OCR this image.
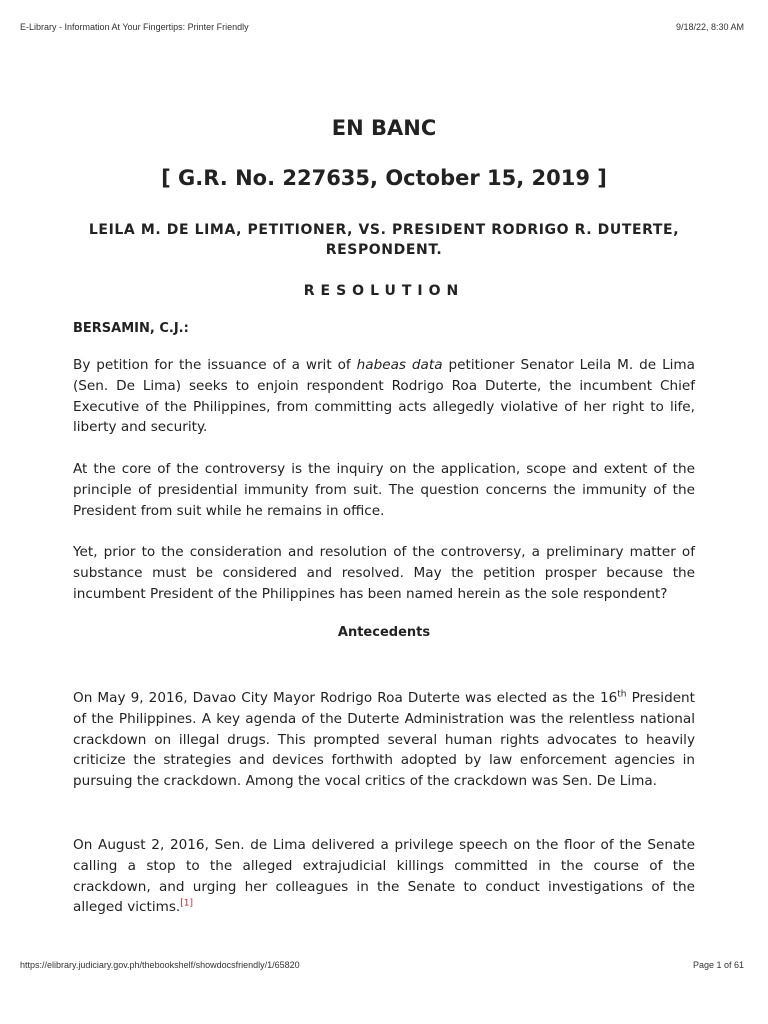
E-Library - Information At Your Fingertips: Printer Friendly	9/18/22, 8:30 AM
EN BANC
[ G.R. No. 227635, October 15, 2019 ]
LEILA M. DE LIMA, PETITIONER, VS. PRESIDENT RODRIGO R. DUTERTE, RESPONDENT.
RESOLUTION
BERSAMIN, C.J.:
By petition for the issuance of a writ of habeas data petitioner Senator Leila M. de Lima (Sen. De Lima) seeks to enjoin respondent Rodrigo Roa Duterte, the incumbent Chief Executive of the Philippines, from committing acts allegedly violative of her right to life, liberty and security.
At the core of the controversy is the inquiry on the application, scope and extent of the principle of presidential immunity from suit. The question concerns the immunity of the President from suit while he remains in office.
Yet, prior to the consideration and resolution of the controversy, a preliminary matter of substance must be considered and resolved. May the petition prosper because the incumbent President of the Philippines has been named herein as the sole respondent?
Antecedents
On May 9, 2016, Davao City Mayor Rodrigo Roa Duterte was elected as the 16th President of the Philippines. A key agenda of the Duterte Administration was the relentless national crackdown on illegal drugs. This prompted several human rights advocates to heavily criticize the strategies and devices forthwith adopted by law enforcement agencies in pursuing the crackdown. Among the vocal critics of the crackdown was Sen. De Lima.
On August 2, 2016, Sen. de Lima delivered a privilege speech on the floor of the Senate calling a stop to the alleged extrajudicial killings committed in the course of the crackdown, and urging her colleagues in the Senate to conduct investigations of the alleged victims.[1]
https://elibrary.judiciary.gov.ph/thebookshelf/showdocsfriendly/1/65820	Page 1 of 61
